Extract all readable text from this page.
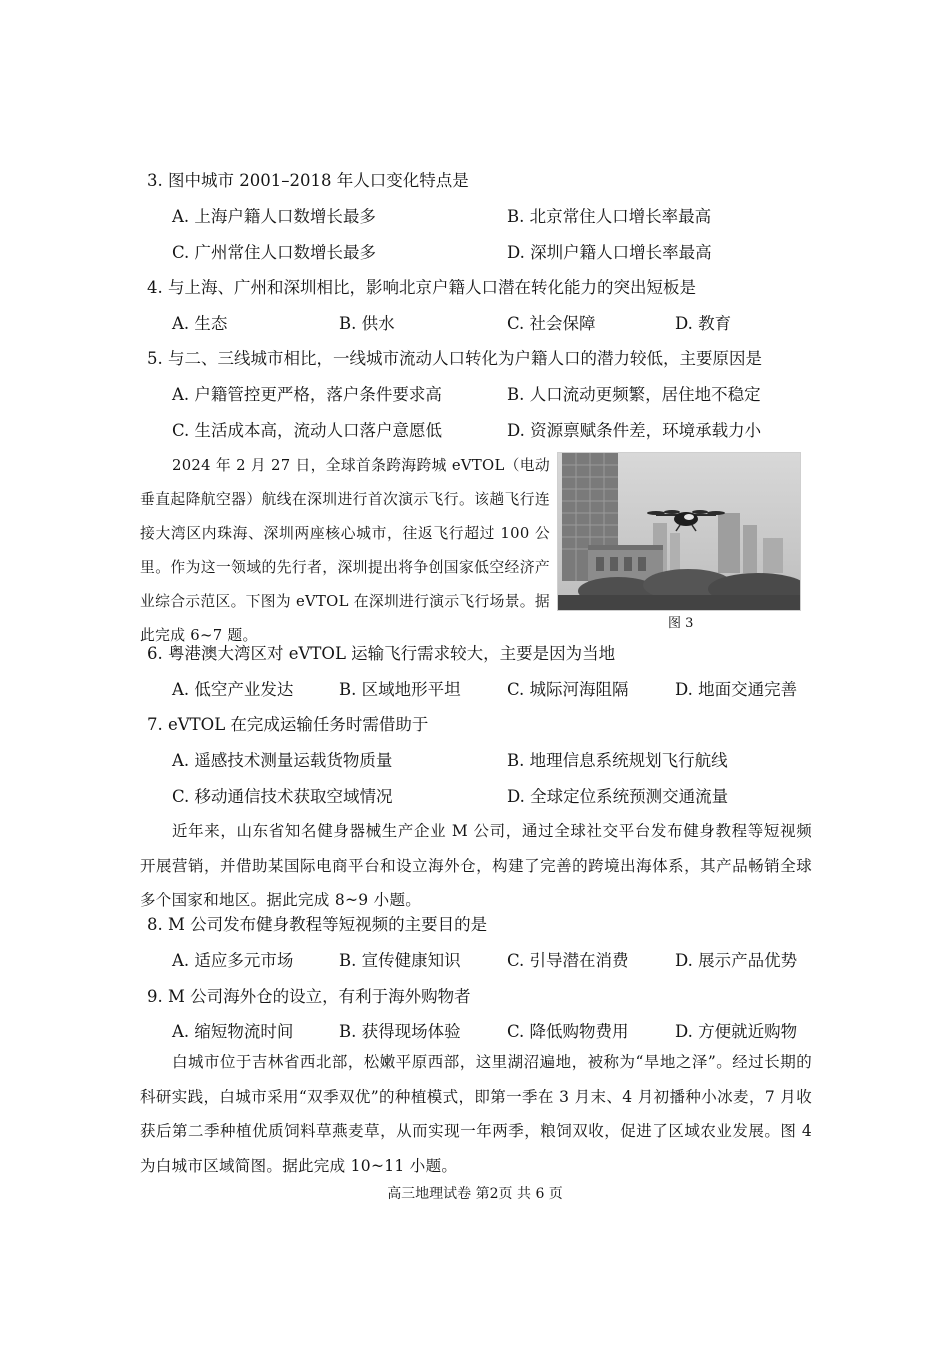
3. 图中城市 2001–2018 年人口变化特点是
A. 上海户籍人口数增长最多	B. 北京常住人口增长率最高
C. 广州常住人口数增长最多	D. 深圳户籍人口增长率最高
4. 与上海、广州和深圳相比，影响北京户籍人口潜在转化能力的突出短板是
A. 生态	B. 供水	C. 社会保障	D. 教育
5. 与二、三线城市相比，一线城市流动人口转化为户籍人口的潜力较低，主要原因是
A. 户籍管控更严格，落户条件要求高	B. 人口流动更频繁，居住地不稳定
C. 生活成本高，流动人口落户意愿低	D. 资源禀赋条件差，环境承载力小
2024 年 2 月 27 日，全球首条跨海跨城 eVTOL（电动垂直起降航空器）航线在深圳进行首次演示飞行。该趟飞行连接大湾区内珠海、深圳两座核心城市，往返飞行超过 100 公里。作为这一领域的先行者，深圳提出将争创国家低空经济产业综合示范区。下图为 eVTOL 在深圳进行演示飞行场景。据此完成 6~7 题。
图 3
6. 粤港澳大湾区对 eVTOL 运输飞行需求较大，主要是因为当地
A. 低空产业发达	B. 区域地形平坦	C. 城际河海阻隔	D. 地面交通完善
7. eVTOL 在完成运输任务时需借助于
A. 遥感技术测量运载货物质量	B. 地理信息系统规划飞行航线
C. 移动通信技术获取空域情况	D. 全球定位系统预测交通流量
近年来，山东省知名健身器械生产企业 M 公司，通过全球社交平台发布健身教程等短视频开展营销，并借助某国际电商平台和设立海外仓，构建了完善的跨境出海体系，其产品畅销全球多个国家和地区。据此完成 8~9 小题。
8. M 公司发布健身教程等短视频的主要目的是
A. 适应多元市场	B. 宣传健康知识	C. 引导潜在消费	D. 展示产品优势
9. M 公司海外仓的设立，有利于海外购物者
A. 缩短物流时间	B. 获得现场体验	C. 降低购物费用	D. 方便就近购物
白城市位于吉林省西北部，松嫩平原西部，这里湖沼遍地，被称为“旱地之泽”。经过长期的科研实践，白城市采用“双季双优”的种植模式，即第一季在 3 月末、4 月初播种小冰麦，7 月收获后第二季种植优质饲料草燕麦草，从而实现一年两季，粮饲双收，促进了区域农业发展。图 4 为白城市区域简图。据此完成 10~11 小题。
高三地理试卷 第2页 共 6 页
